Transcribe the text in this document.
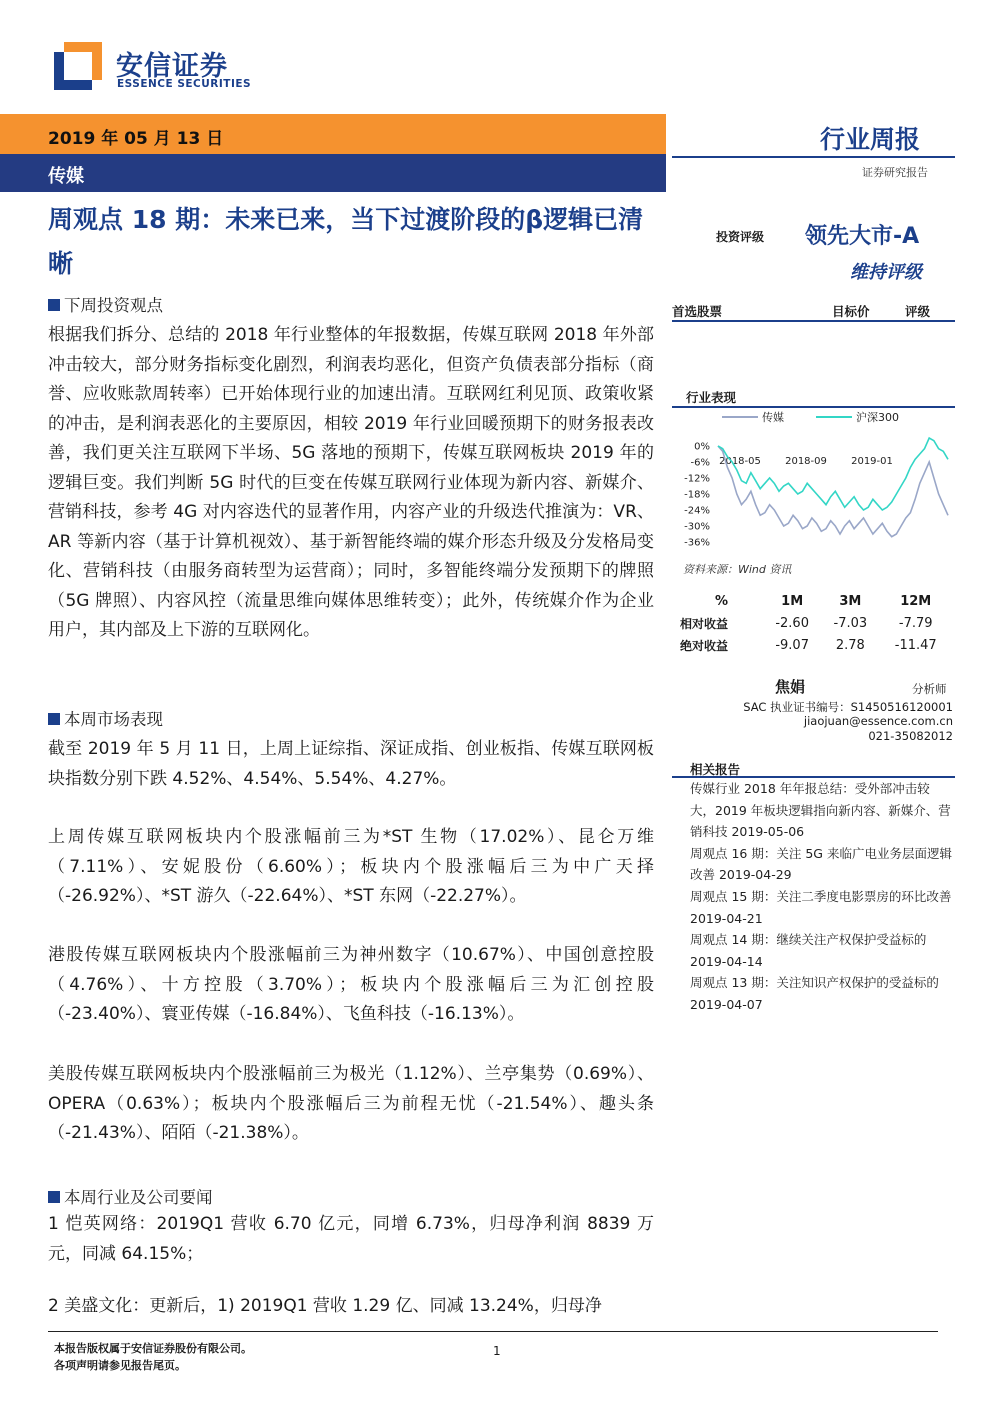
安信证券
ESSENCE SECURITIES
2019 年 05 月 13 日
传媒
行业周报
证券研究报告
周观点 18 期：未来已来，当下过渡阶段的β逻辑已清晰
下周投资观点
根据我们拆分、总结的 2018 年行业整体的年报数据，传媒互联网 2018 年外部冲击较大，部分财务指标变化剧烈，利润表均恶化，但资产负债表部分指标（商誉、应收账款周转率）已开始体现行业的加速出清。互联网红利见顶、政策收紧的冲击，是利润表恶化的主要原因，相较 2019 年行业回暖预期下的财务报表改善，我们更关注互联网下半场、5G 落地的预期下，传媒互联网板块 2019 年的逻辑巨变。我们判断 5G 时代的巨变在传媒互联网行业体现为新内容、新媒介、营销科技，参考 4G 对内容迭代的显著作用，内容产业的升级迭代推演为：VR、AR 等新内容（基于计算机视效）、基于新智能终端的媒介形态升级及分发格局变化、营销科技（由服务商转型为运营商）；同时，多智能终端分发预期下的牌照（5G 牌照）、内容风控（流量思维向媒体思维转变）；此外，传统媒介作为企业用户，其内部及上下游的互联网化。
本周市场表现
截至 2019 年 5 月 11 日，上周上证综指、深证成指、创业板指、传媒互联网板块指数分别下跌 4.52%、4.54%、5.54%、4.27%。
上周传媒互联网板块内个股涨幅前三为*ST 生物（17.02%）、昆仑万维（7.11%）、安妮股份（6.60%）；板块内个股涨幅后三为中广天择（-26.92%）、*ST 游久（-22.64%）、*ST 东网（-22.27%）。
港股传媒互联网板块内个股涨幅前三为神州数字（10.67%）、中国创意控股（4.76%）、十方控股（3.70%）；板块内个股涨幅后三为汇创控股（-23.40%）、寰亚传媒（-16.84%）、飞鱼科技（-16.13%）。
美股传媒互联网板块内个股涨幅前三为极光（1.12%）、兰亭集势（0.69%）、OPERA（0.63%）；板块内个股涨幅后三为前程无忧（-21.54%）、趣头条（-21.43%）、陌陌（-21.38%）。
本周行业及公司要闻
1 恺英网络：2019Q1 营收 6.70 亿元，同增 6.73%，归母净利润 8839 万元，同减 64.15%；
2 美盛文化：更新后，1) 2019Q1 营收 1.29 亿、同减 13.24%，归母净
投资评级 领先大市-A
维持评级
首选股票	目标价	评级
行业表现
传媒	沪深300
0%
-6%
-12%
-18%
-24%
-30%
-36%
2018-05 2018-09 2019-01
资料来源：Wind 资讯
%	1M	3M	12M
相对收益	-2.60	-7.03	-7.79
绝对收益	-9.07	2.78	-11.47
焦娟	分析师
SAC 执业证书编号：S1450516120001
jiaojuan@essence.com.cn
021-35082012
相关报告
传媒行业 2018 年年报总结：受外部冲击较大，2019 年板块逻辑指向新内容、新媒介、营销科技 2019-05-06
周观点 16 期：关注 5G 来临广电业务层面逻辑改善 2019-04-29
周观点 15 期：关注二季度电影票房的环比改善 2019-04-21
周观点 14 期：继续关注产权保护受益标的 2019-04-14
周观点 13 期：关注知识产权保护的受益标的 2019-04-07
本报告版权属于安信证券股份有限公司。
各项声明请参见报告尾页。
1
